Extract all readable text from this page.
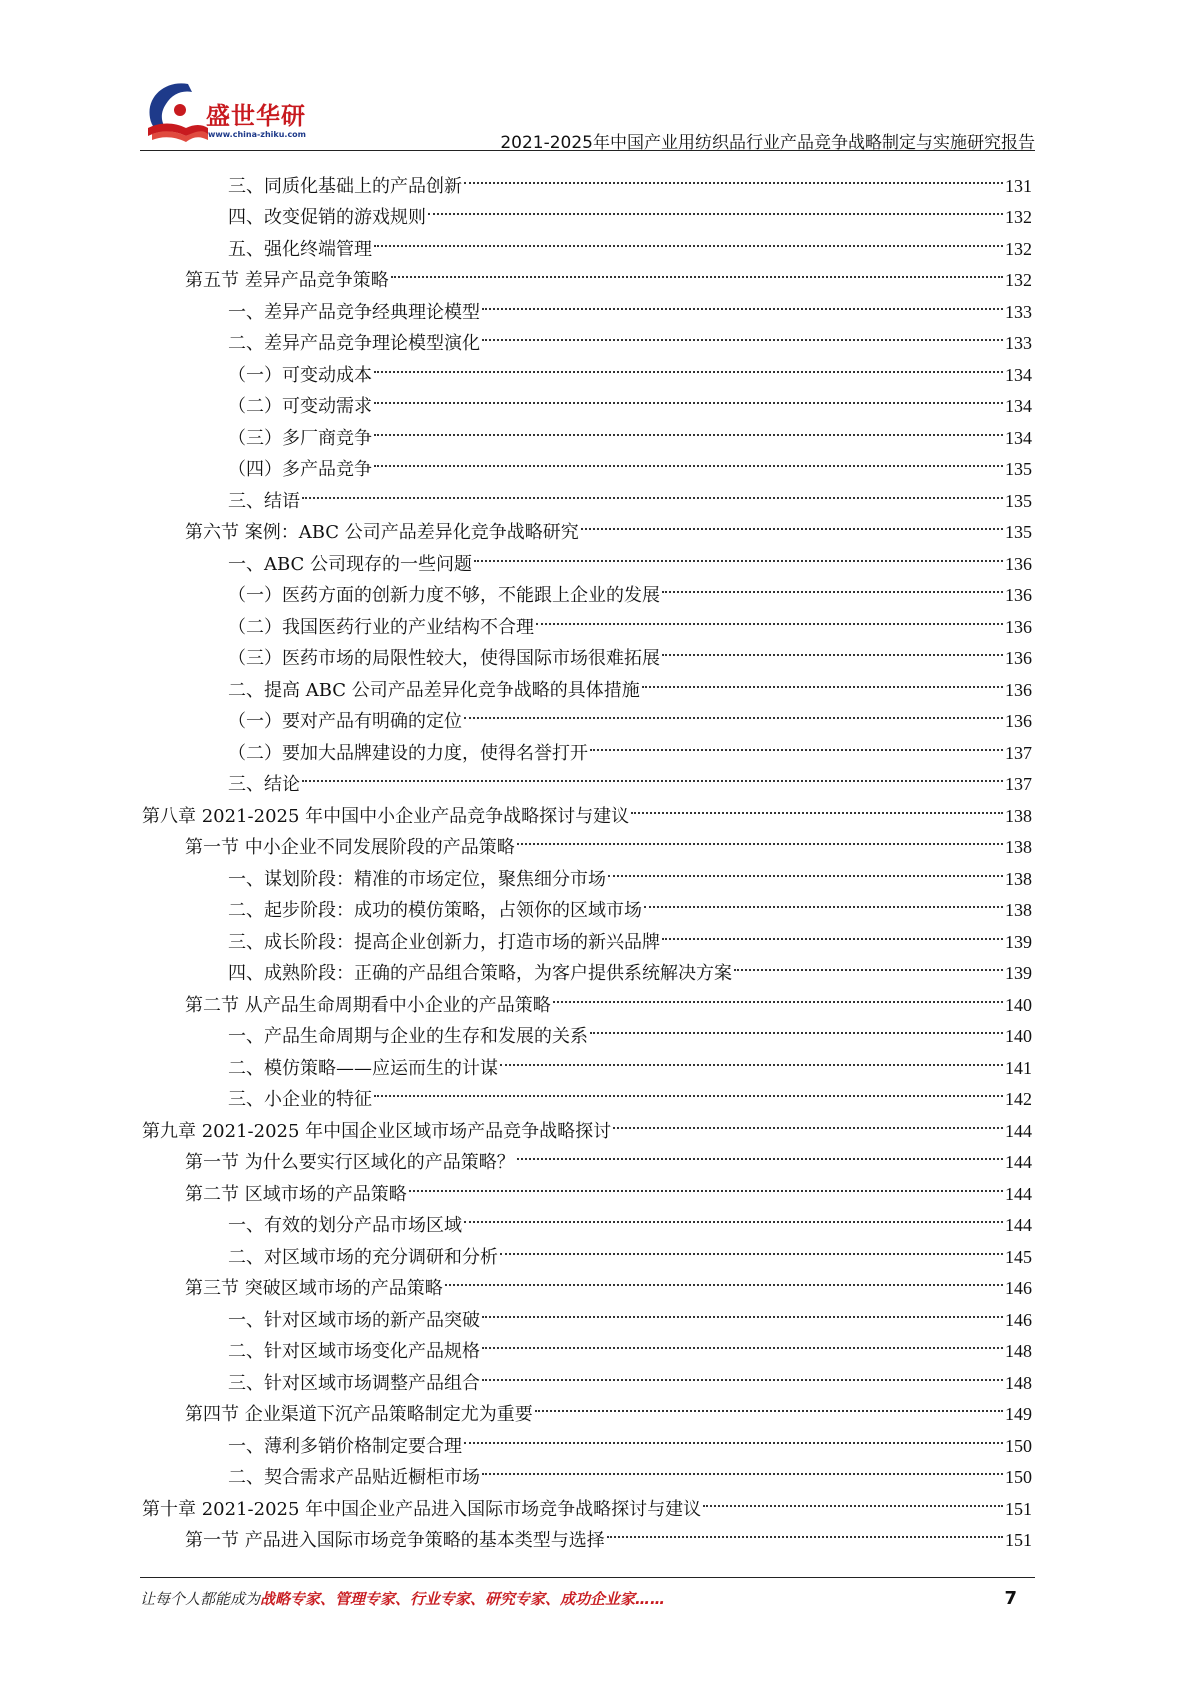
盛世华研
www.china-zhiku.com	2021-2025年中国产业用纺织品行业产品竞争战略制定与实施研究报告
三、同质化基础上的产品创新	131
四、改变促销的游戏规则	132
五、强化终端管理	132
第五节 差异产品竞争策略	132
一、差异产品竞争经典理论模型	133
二、差异产品竞争理论模型演化	133
（一）可变动成本	134
（二）可变动需求	134
（三）多厂商竞争	134
（四）多产品竞争	135
三、结语	135
第六节 案例：ABC 公司产品差异化竞争战略研究	135
一、ABC 公司现存的一些问题	136
（一）医药方面的创新力度不够，不能跟上企业的发展	136
（二）我国医药行业的产业结构不合理	136
（三）医药市场的局限性较大，使得国际市场很难拓展	136
二、提高 ABC 公司产品差异化竞争战略的具体措施	136
（一）要对产品有明确的定位	136
（二）要加大品牌建设的力度，使得名誉打开	137
三、结论	137
第八章 2021-2025 年中国中小企业产品竞争战略探讨与建议	138
第一节 中小企业不同发展阶段的产品策略	138
一、谋划阶段：精准的市场定位，聚焦细分市场	138
二、起步阶段：成功的模仿策略，占领你的区域市场	138
三、成长阶段：提高企业创新力，打造市场的新兴品牌	139
四、成熟阶段：正确的产品组合策略，为客户提供系统解决方案	139
第二节 从产品生命周期看中小企业的产品策略	140
一、产品生命周期与企业的生存和发展的关系	140
二、模仿策略——应运而生的计谋	141
三、小企业的特征	142
第九章 2021-2025 年中国企业区域市场产品竞争战略探讨	144
第一节 为什么要实行区域化的产品策略？	144
第二节 区域市场的产品策略	144
一、有效的划分产品市场区域	144
二、对区域市场的充分调研和分析	145
第三节 突破区域市场的产品策略	146
一、针对区域市场的新产品突破	146
二、针对区域市场变化产品规格	148
三、针对区域市场调整产品组合	148
第四节 企业渠道下沉产品策略制定尤为重要	149
一、薄利多销价格制定要合理	150
二、契合需求产品贴近橱柜市场	150
第十章 2021-2025 年中国企业产品进入国际市场竞争战略探讨与建议	151
第一节 产品进入国际市场竞争策略的基本类型与选择	151
让每个人都能成为战略专家、管理专家、行业专家、研究专家、成功企业家……	7
